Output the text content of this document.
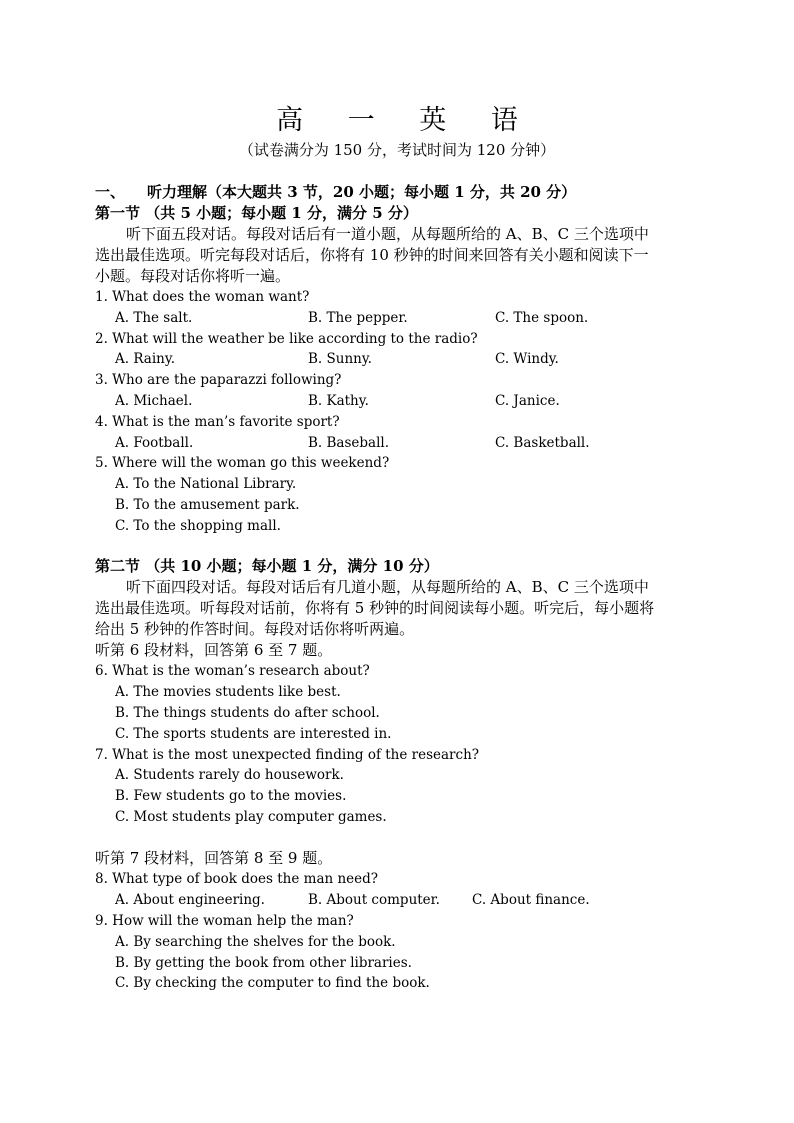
高 一 英 语
（试卷满分为 150 分，考试时间为 120 分钟）
一、 听力理解（本大题共 3 节，20 小题；每小题 1 分，共 20 分）
第一节 （共 5 小题；每小题 1 分，满分 5 分）
听下面五段对话。每段对话后有一道小题，从每题所给的 A、B、C 三个选项中
选出最佳选项。听完每段对话后，你将有 10 秒钟的时间来回答有关小题和阅读下一
小题。每段对话你将听一遍。
1. What does the woman want?
A. The salt.	B. The pepper.	C. The spoon.
2. What will the weather be like according to the radio?
A. Rainy.	B. Sunny.	C. Windy.
3. Who are the paparazzi following?
A. Michael.	B. Kathy.	C. Janice.
4. What is the man’s favorite sport?
A. Football.	B. Baseball.	C. Basketball.
5. Where will the woman go this weekend?
A. To the National Library.
B. To the amusement park.
C. To the shopping mall.
第二节 （共 10 小题；每小题 1 分，满分 10 分）
听下面四段对话。每段对话后有几道小题，从每题所给的 A、B、C 三个选项中
选出最佳选项。听每段对话前，你将有 5 秒钟的时间阅读每小题。听完后，每小题将
给出 5 秒钟的作答时间。每段对话你将听两遍。
听第 6 段材料，回答第 6 至 7 题。
6. What is the woman’s research about?
A. The movies students like best.
B. The things students do after school.
C. The sports students are interested in.
7. What is the most unexpected finding of the research?
A. Students rarely do housework.
B. Few students go to the movies.
C. Most students play computer games.
听第 7 段材料，回答第 8 至 9 题。
8. What type of book does the man need?
A. About engineering.	B. About computer. C. About finance.
9. How will the woman help the man?
A. By searching the shelves for the book.
B. By getting the book from other libraries.
C. By checking the computer to find the book.
